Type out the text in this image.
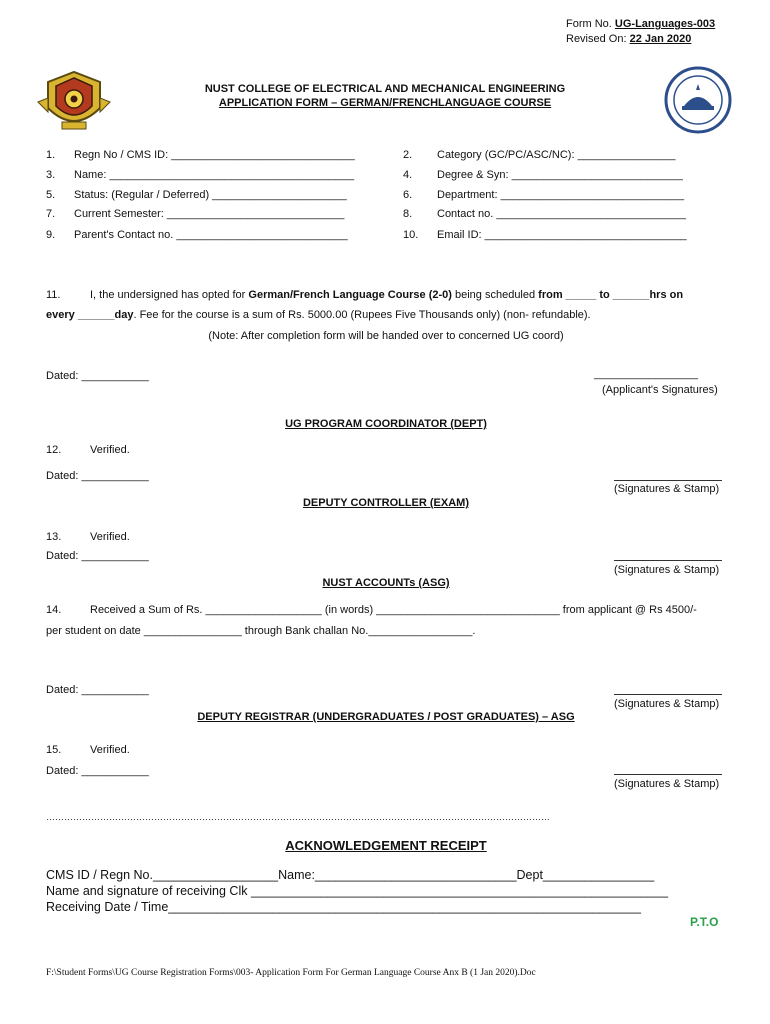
Form No. UG-Languages-003
Revised On: 22 Jan 2020
NUST COLLEGE OF ELECTRICAL AND MECHANICAL ENGINEERING
APPLICATION FORM – GERMAN/FRENCHLANGUAGE COURSE
1. Regn No / CMS ID: ______________________________	2. Category (GC/PC/ASC/NC): ________________
3. Name: ________________________________________	4. Degree & Syn: ____________________________
5. Status: (Regular / Deferred) ______________________	6. Department: ______________________________
7. Current Semester: _____________________________	8. Contact no. _______________________________
9. Parent's Contact no. ____________________________	10. Email ID: _________________________________
11.	I, the undersigned has opted for German/French Language Course (2-0) being scheduled from _____ to ______hrs on
every ______day. Fee for the course is a sum of Rs. 5000.00 (Rupees Five Thousands only) (non- refundable).
(Note: After completion form will be handed over to concerned UG coord)
Dated: ___________	_________________
(Applicant's Signatures)
UG PROGRAM COORDINATOR (DEPT)
12.	Verified.
Dated: ___________
(Signatures & Stamp)
DEPUTY CONTROLLER (EXAM)
13.	Verified.
Dated: ___________
(Signatures & Stamp)
NUST ACCOUNTs (ASG)
14.	Received a Sum of Rs. ___________________ (in words) ______________________________ from applicant @ Rs 4500/-
per student on date ________________ through Bank challan No._________________.
Dated: ___________
(Signatures & Stamp)
DEPUTY REGISTRAR (UNDERGRADUATES / POST GRADUATES) – ASG
15.	Verified.
Dated: ___________
(Signatures & Stamp)
……………………………………………………………………………………………………………………………………………………
ACKNOWLEDGEMENT RECEIPT
CMS ID / Regn No.__________________Name:_____________________________Dept________________
Name and signature of receiving Clk ____________________________________________________________
Receiving Date / Time____________________________________________________________________
P.T.O
F:\Student Forms\UG Course Registration Forms\003- Application Form For German Language Course Anx B (1 Jan 2020).Doc
